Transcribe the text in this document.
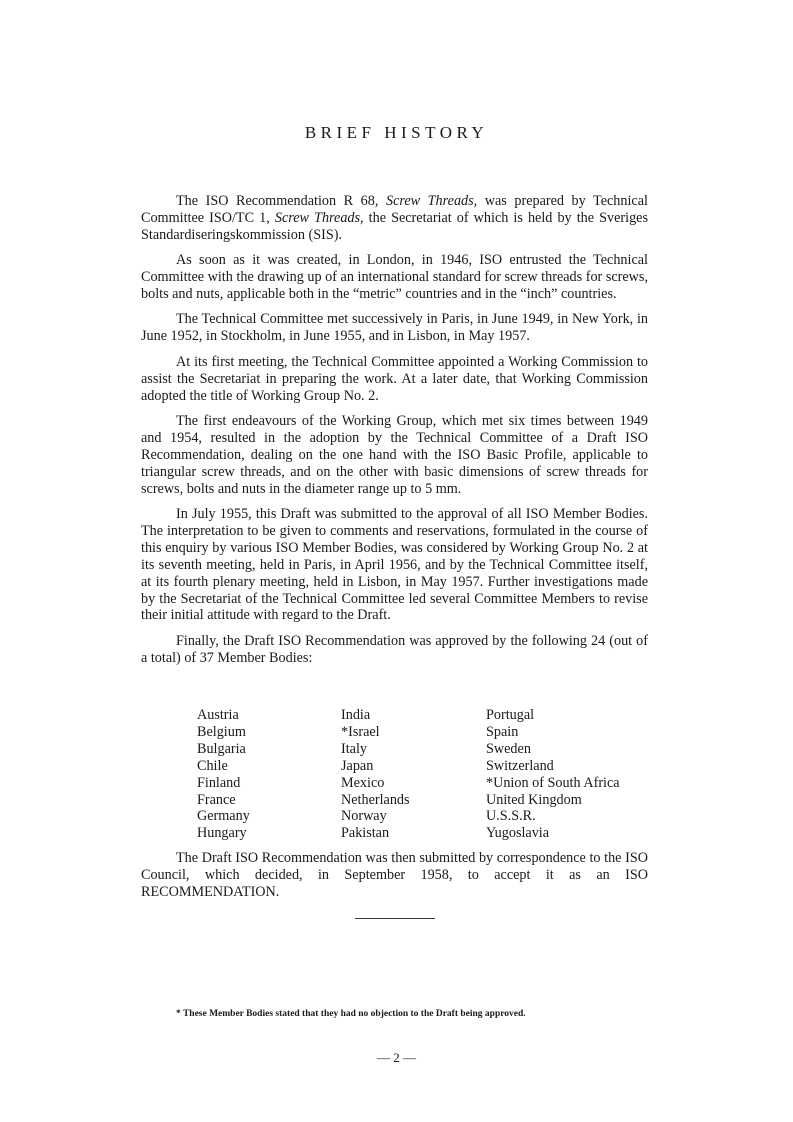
BRIEF HISTORY

The ISO Recommendation R 68, Screw Threads, was prepared by Technical Committee ISO/TC 1, Screw Threads, the Secretariat of which is held by the Sveriges Standardiseringskommission (SIS).

As soon as it was created, in London, in 1946, ISO entrusted the Technical Committee with the drawing up of an international standard for screw threads for screws, bolts and nuts, applicable both in the “metric” countries and in the “inch” countries.

The Technical Committee met successively in Paris, in June 1949, in New York, in June 1952, in Stockholm, in June 1955, and in Lisbon, in May 1957.

At its first meeting, the Technical Committee appointed a Working Commission to assist the Secretariat in preparing the work. At a later date, that Working Commission adopted the title of Working Group No. 2.

The first endeavours of the Working Group, which met six times between 1949 and 1954, resulted in the adoption by the Technical Committee of a Draft ISO Recommendation, dealing on the one hand with the ISO Basic Profile, applicable to triangular screw threads, and on the other with basic dimensions of screw threads for screws, bolts and nuts in the diameter range up to 5 mm.

In July 1955, this Draft was submitted to the approval of all ISO Member Bodies. The interpretation to be given to comments and reservations, formulated in the course of this enquiry by various ISO Member Bodies, was considered by Working Group No. 2 at its seventh meeting, held in Paris, in April 1956, and by the Technical Committee itself, at its fourth plenary meeting, held in Lisbon, in May 1957. Further investigations made by the Secretariat of the Technical Committee led several Committee Members to revise their initial attitude with regard to the Draft.

Finally, the Draft ISO Recommendation was approved by the following 24 (out of a total) of 37 Member Bodies:

Austria
Belgium
Bulgaria
Chile
Finland
France
Germany
Hungary
India
*Israel
Italy
Japan
Mexico
Netherlands
Norway
Pakistan
Portugal
Spain
Sweden
Switzerland
*Union of South Africa
United Kingdom
U.S.S.R.
Yugoslavia

The Draft ISO Recommendation was then submitted by correspondence to the ISO Council, which decided, in September 1958, to accept it as an ISO RECOMMENDATION.

* These Member Bodies stated that they had no objection to the Draft being approved.
— 2 —
